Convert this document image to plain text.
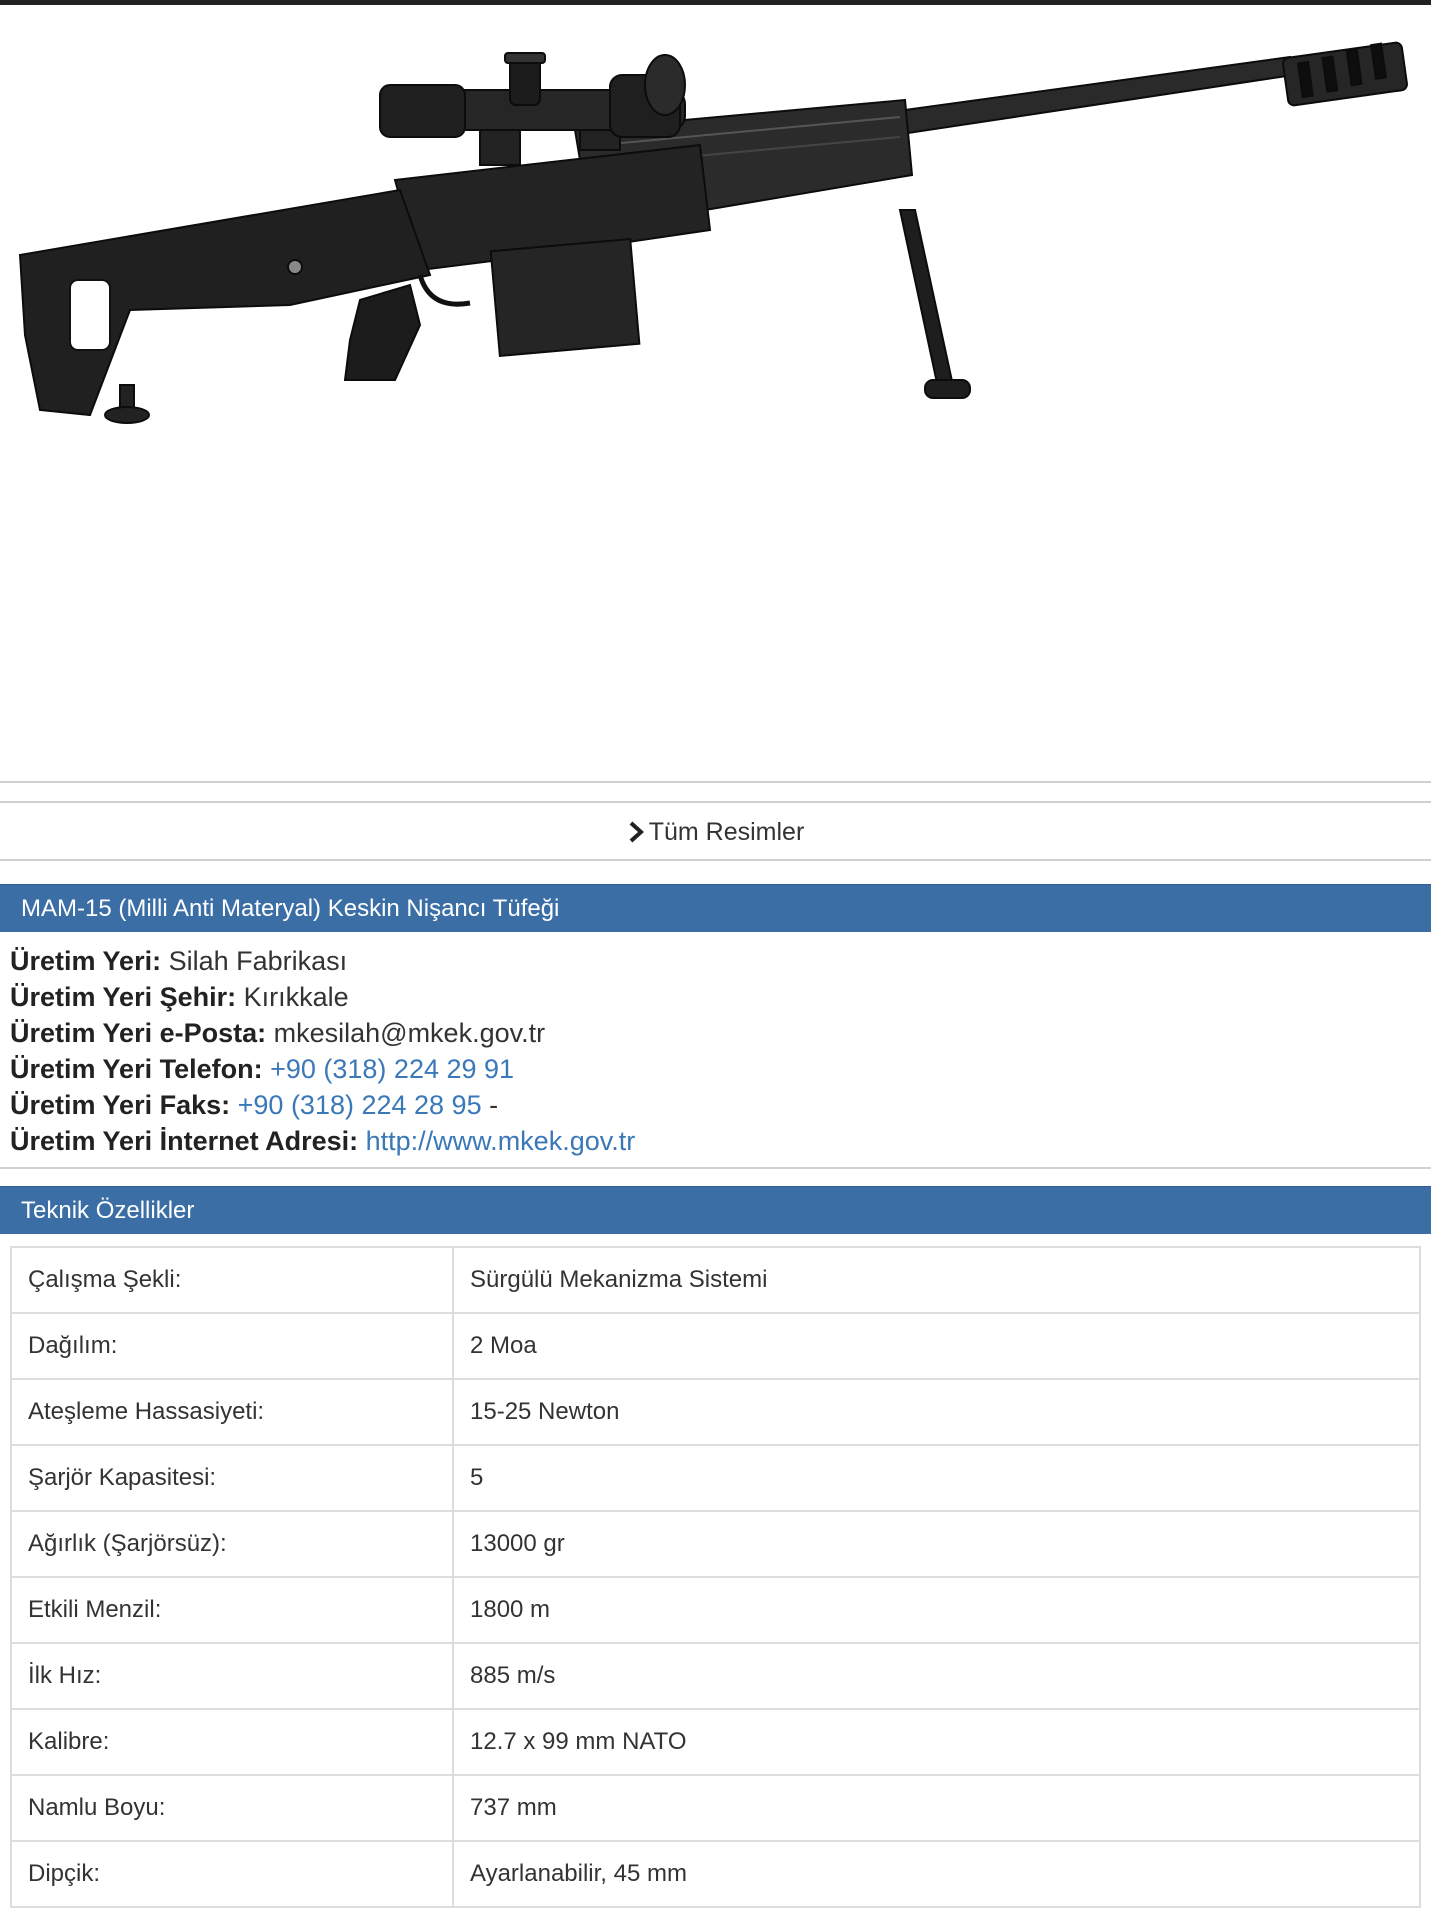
Tüm Resimler
MAM-15 (Milli Anti Materyal) Keskin Nişancı Tüfeği
Üretim Yeri: Silah Fabrikası
Üretim Yeri Şehir: Kırıkkale
Üretim Yeri e-Posta: mkesilah@mkek.gov.tr
Üretim Yeri Telefon: +90 (318) 224 29 91
Üretim Yeri Faks: +90 (318) 224 28 95 -
Üretim Yeri İnternet Adresi: http://www.mkek.gov.tr
Teknik Özellikler
Çalışma Şekli:	Sürgülü Mekanizma Sistemi
Dağılım:	2 Moa
Ateşleme Hassasiyeti:	15-25 Newton
Şarjör Kapasitesi:	5
Ağırlık (Şarjörsüz):	13000 gr
Etkili Menzil:	1800 m
İlk Hız:	885 m/s
Kalibre:	12.7 x 99 mm NATO
Namlu Boyu:	737 mm
Dipçik:	Ayarlanabilir, 45 mm
